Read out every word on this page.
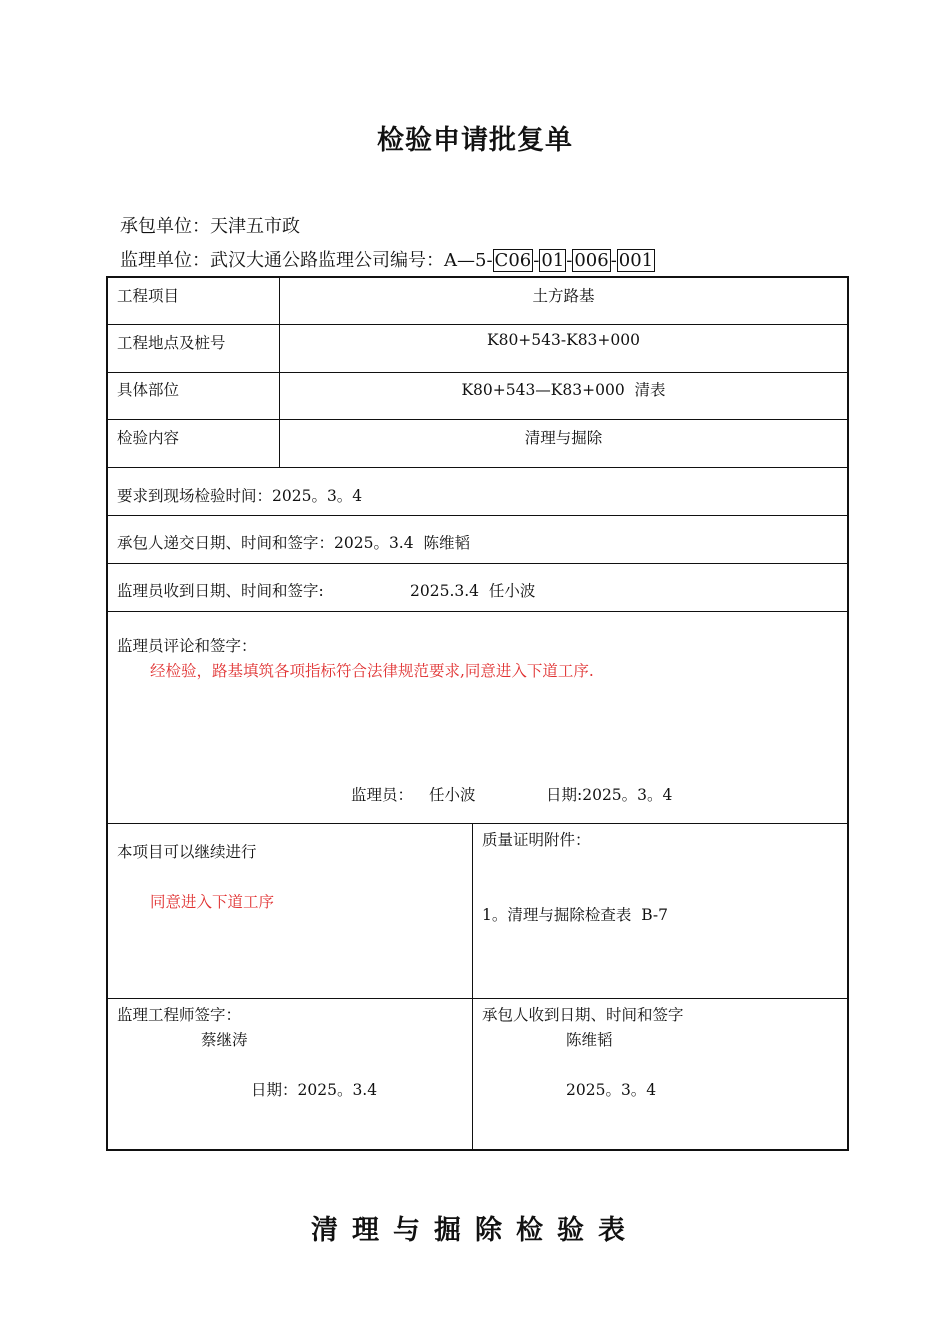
检验申请批复单
承包单位：天津五市政
监理单位：武汉大通公路监理公司编号：A—5- C06 - 01 - 006 - 001
工程项目	土方路基
工程地点及桩号	K80+543-K83+000
具体部位	K80+543—K83+000  清表
检验内容	清理与掘除
要求到现场检验时间：2025。3。4
承包人递交日期、时间和签字：2025。3.4  陈维韬
监理员收到日期、时间和签字:	2025.3.4  任小波
监理员评论和签字：
经检验，路基填筑各项指标符合法律规范要求,同意进入下道工序.
监理员： 任小波	日期:2025。3。4
本项目可以继续进行
同意进入下道工序
质量证明附件：
1。清理与掘除检查表  B-7
监理工程师签字：
蔡继涛
日期：2025。3.4
承包人收到日期、时间和签字
陈维韬
2025。3。4
清理与掘除检验表
